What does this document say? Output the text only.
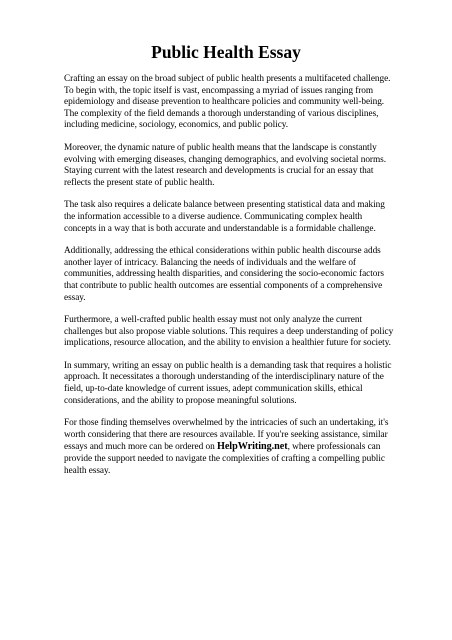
Public Health Essay

Crafting an essay on the broad subject of public health presents a multifaceted challenge. To begin with, the topic itself is vast, encompassing a myriad of issues ranging from epidemiology and disease prevention to healthcare policies and community well-being. The complexity of the field demands a thorough understanding of various disciplines, including medicine, sociology, economics, and public policy.

Moreover, the dynamic nature of public health means that the landscape is constantly evolving with emerging diseases, changing demographics, and evolving societal norms. Staying current with the latest research and developments is crucial for an essay that reflects the present state of public health.

The task also requires a delicate balance between presenting statistical data and making the information accessible to a diverse audience. Communicating complex health concepts in a way that is both accurate and understandable is a formidable challenge.

Additionally, addressing the ethical considerations within public health discourse adds another layer of intricacy. Balancing the needs of individuals and the welfare of communities, addressing health disparities, and considering the socio-economic factors that contribute to public health outcomes are essential components of a comprehensive essay.

Furthermore, a well-crafted public health essay must not only analyze the current challenges but also propose viable solutions. This requires a deep understanding of policy implications, resource allocation, and the ability to envision a healthier future for society.

In summary, writing an essay on public health is a demanding task that requires a holistic approach. It necessitates a thorough understanding of the interdisciplinary nature of the field, up-to-date knowledge of current issues, adept communication skills, ethical considerations, and the ability to propose meaningful solutions.

For those finding themselves overwhelmed by the intricacies of such an undertaking, it's worth considering that there are resources available. If you're seeking assistance, similar essays and much more can be ordered on HelpWriting.net, where professionals can provide the support needed to navigate the complexities of crafting a compelling public health essay.
